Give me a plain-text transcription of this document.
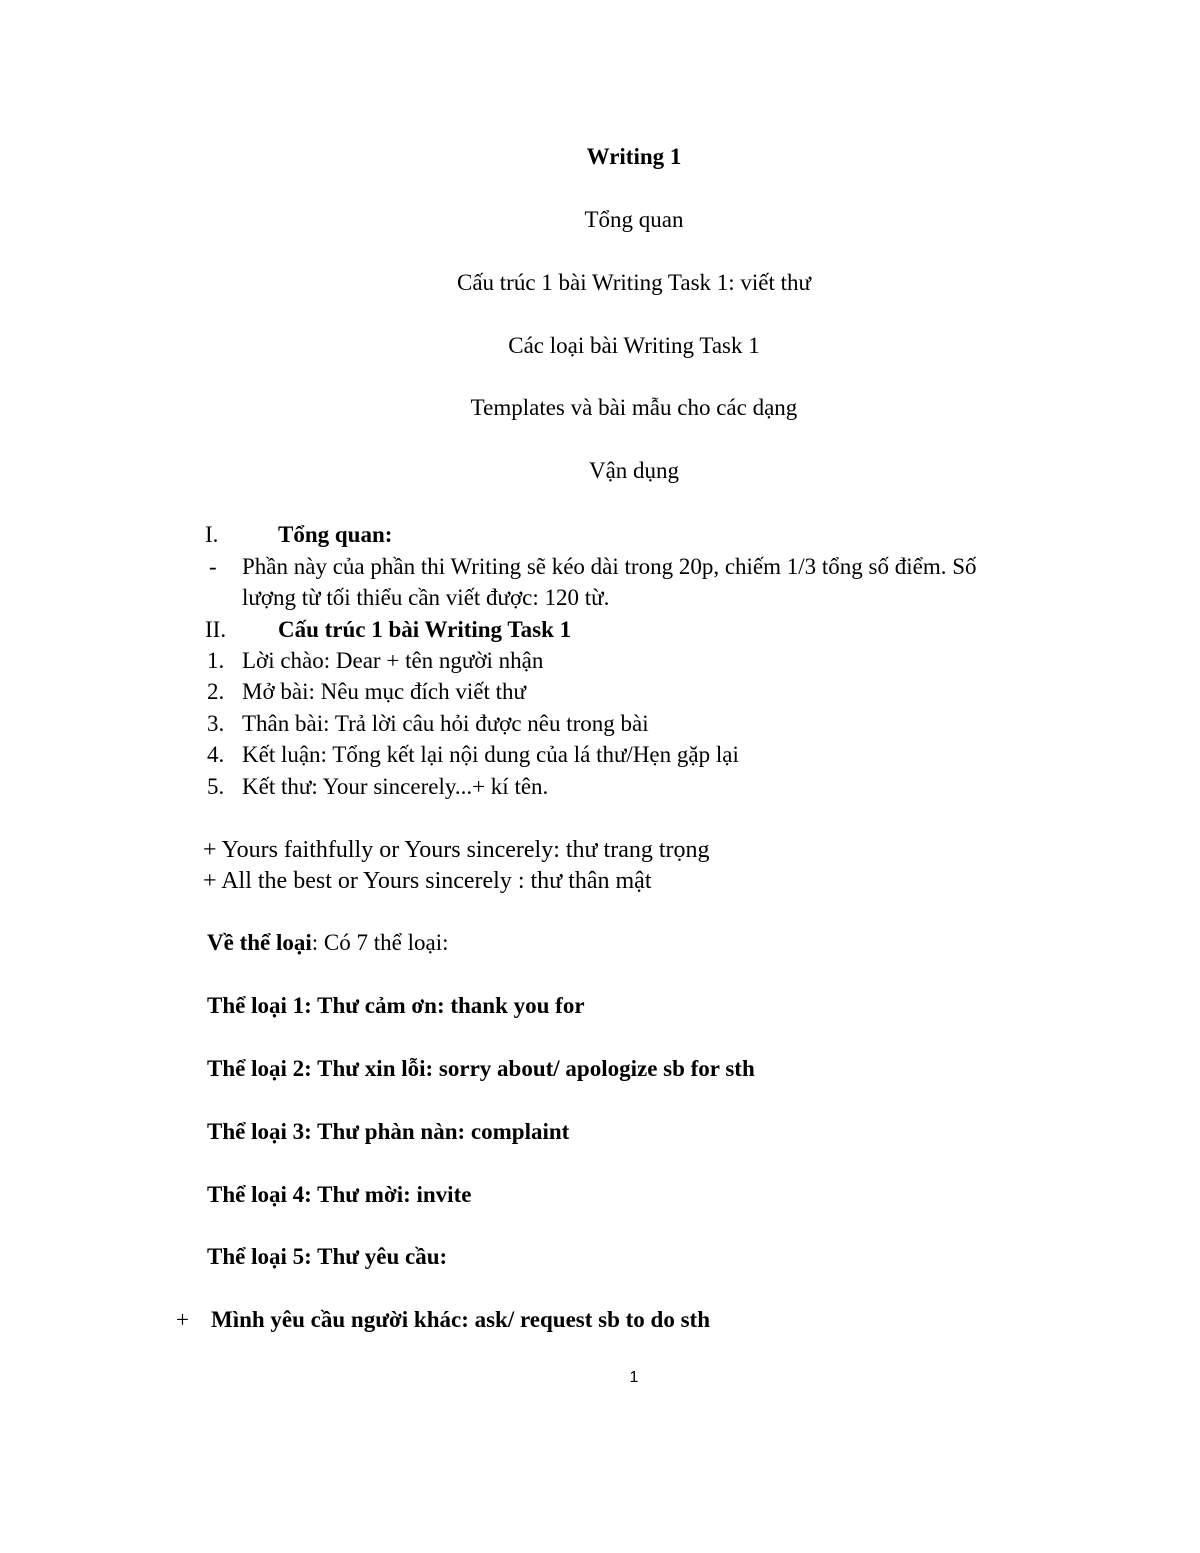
Writing 1
Tổng quan
Cấu trúc 1 bài Writing Task 1: viết thư
Các loại bài Writing Task 1
Templates và bài mẫu cho các dạng
Vận dụng
I.	Tổng quan:
- Phần này của phần thi Writing sẽ kéo dài trong 20p, chiếm 1/3 tổng số điểm. Số
lượng từ tối thiểu cần viết được: 120 từ.
II. Cấu trúc 1 bài Writing Task 1
1. Lời chào: Dear + tên người nhận
2. Mở bài: Nêu mục đích viết thư
3. Thân bài: Trả lời câu hỏi được nêu trong bài
4. Kết luận: Tổng kết lại nội dung của lá thư/Hẹn gặp lại
5. Kết thư: Your sincerely...+ kí tên.
+ Yours faithfully or Yours sincerely: thư trang trọng
+ All the best or Yours sincerely : thư thân mật
Về thể loại: Có 7 thể loại:
Thể loại 1: Thư cảm ơn: thank you for
Thể loại 2: Thư xin lỗi: sorry about/ apologize sb for sth
Thể loại 3: Thư phàn nàn: complaint
Thể loại 4: Thư mời: invite
Thể loại 5: Thư yêu cầu:
+ Mình yêu cầu người khác: ask/ request sb to do sth
1
